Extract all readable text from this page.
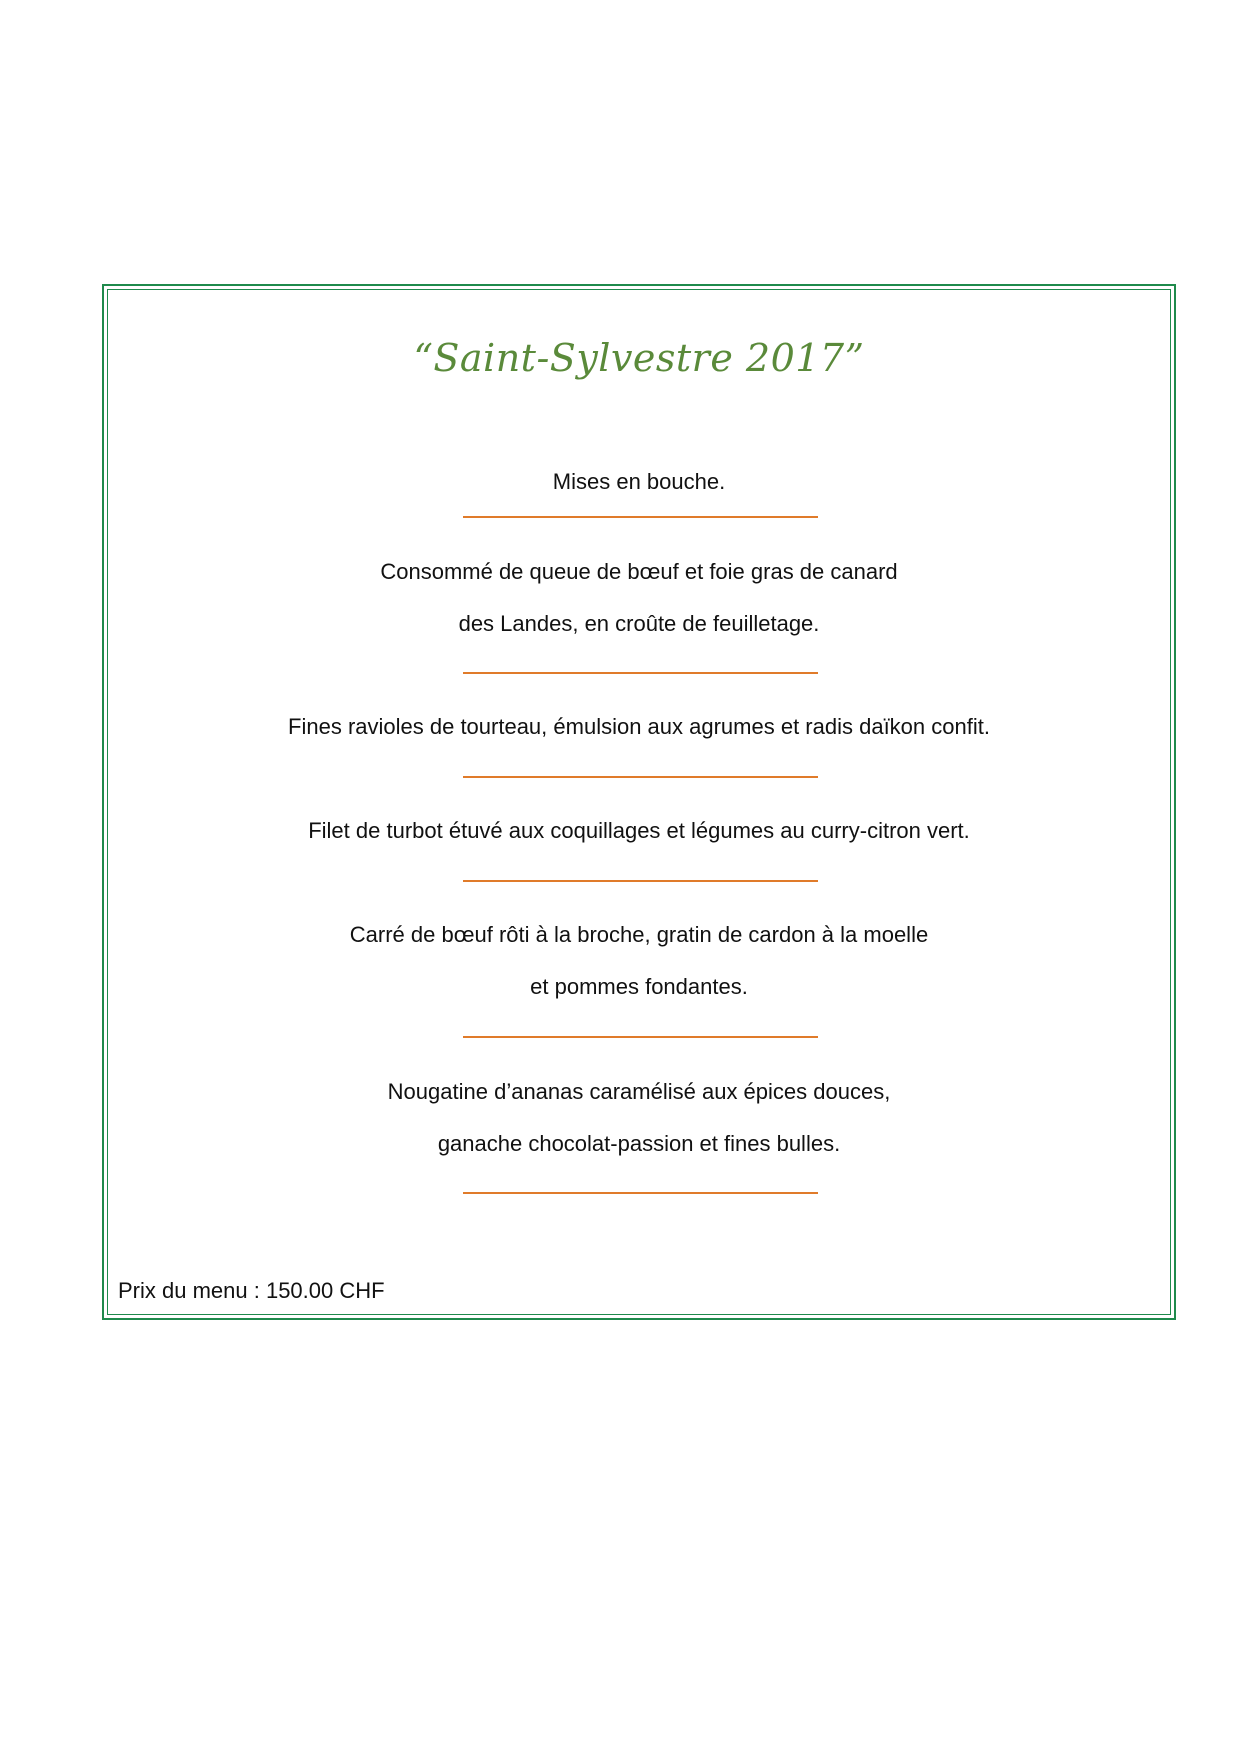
“Saint-Sylvestre 2017”

Mises en bouche.

Consommé de queue de bœuf et foie gras de canard

des Landes, en croûte de feuilletage.

Fines ravioles de tourteau, émulsion aux agrumes et radis daïkon confit.

Filet de turbot étuvé aux coquillages et légumes au curry-citron vert.

Carré de bœuf rôti à la broche, gratin de cardon à la moelle

et pommes fondantes.

Nougatine d’ananas caramélisé aux épices douces,

ganache chocolat-passion et fines bulles.

Prix du menu : 150.00 CHF
